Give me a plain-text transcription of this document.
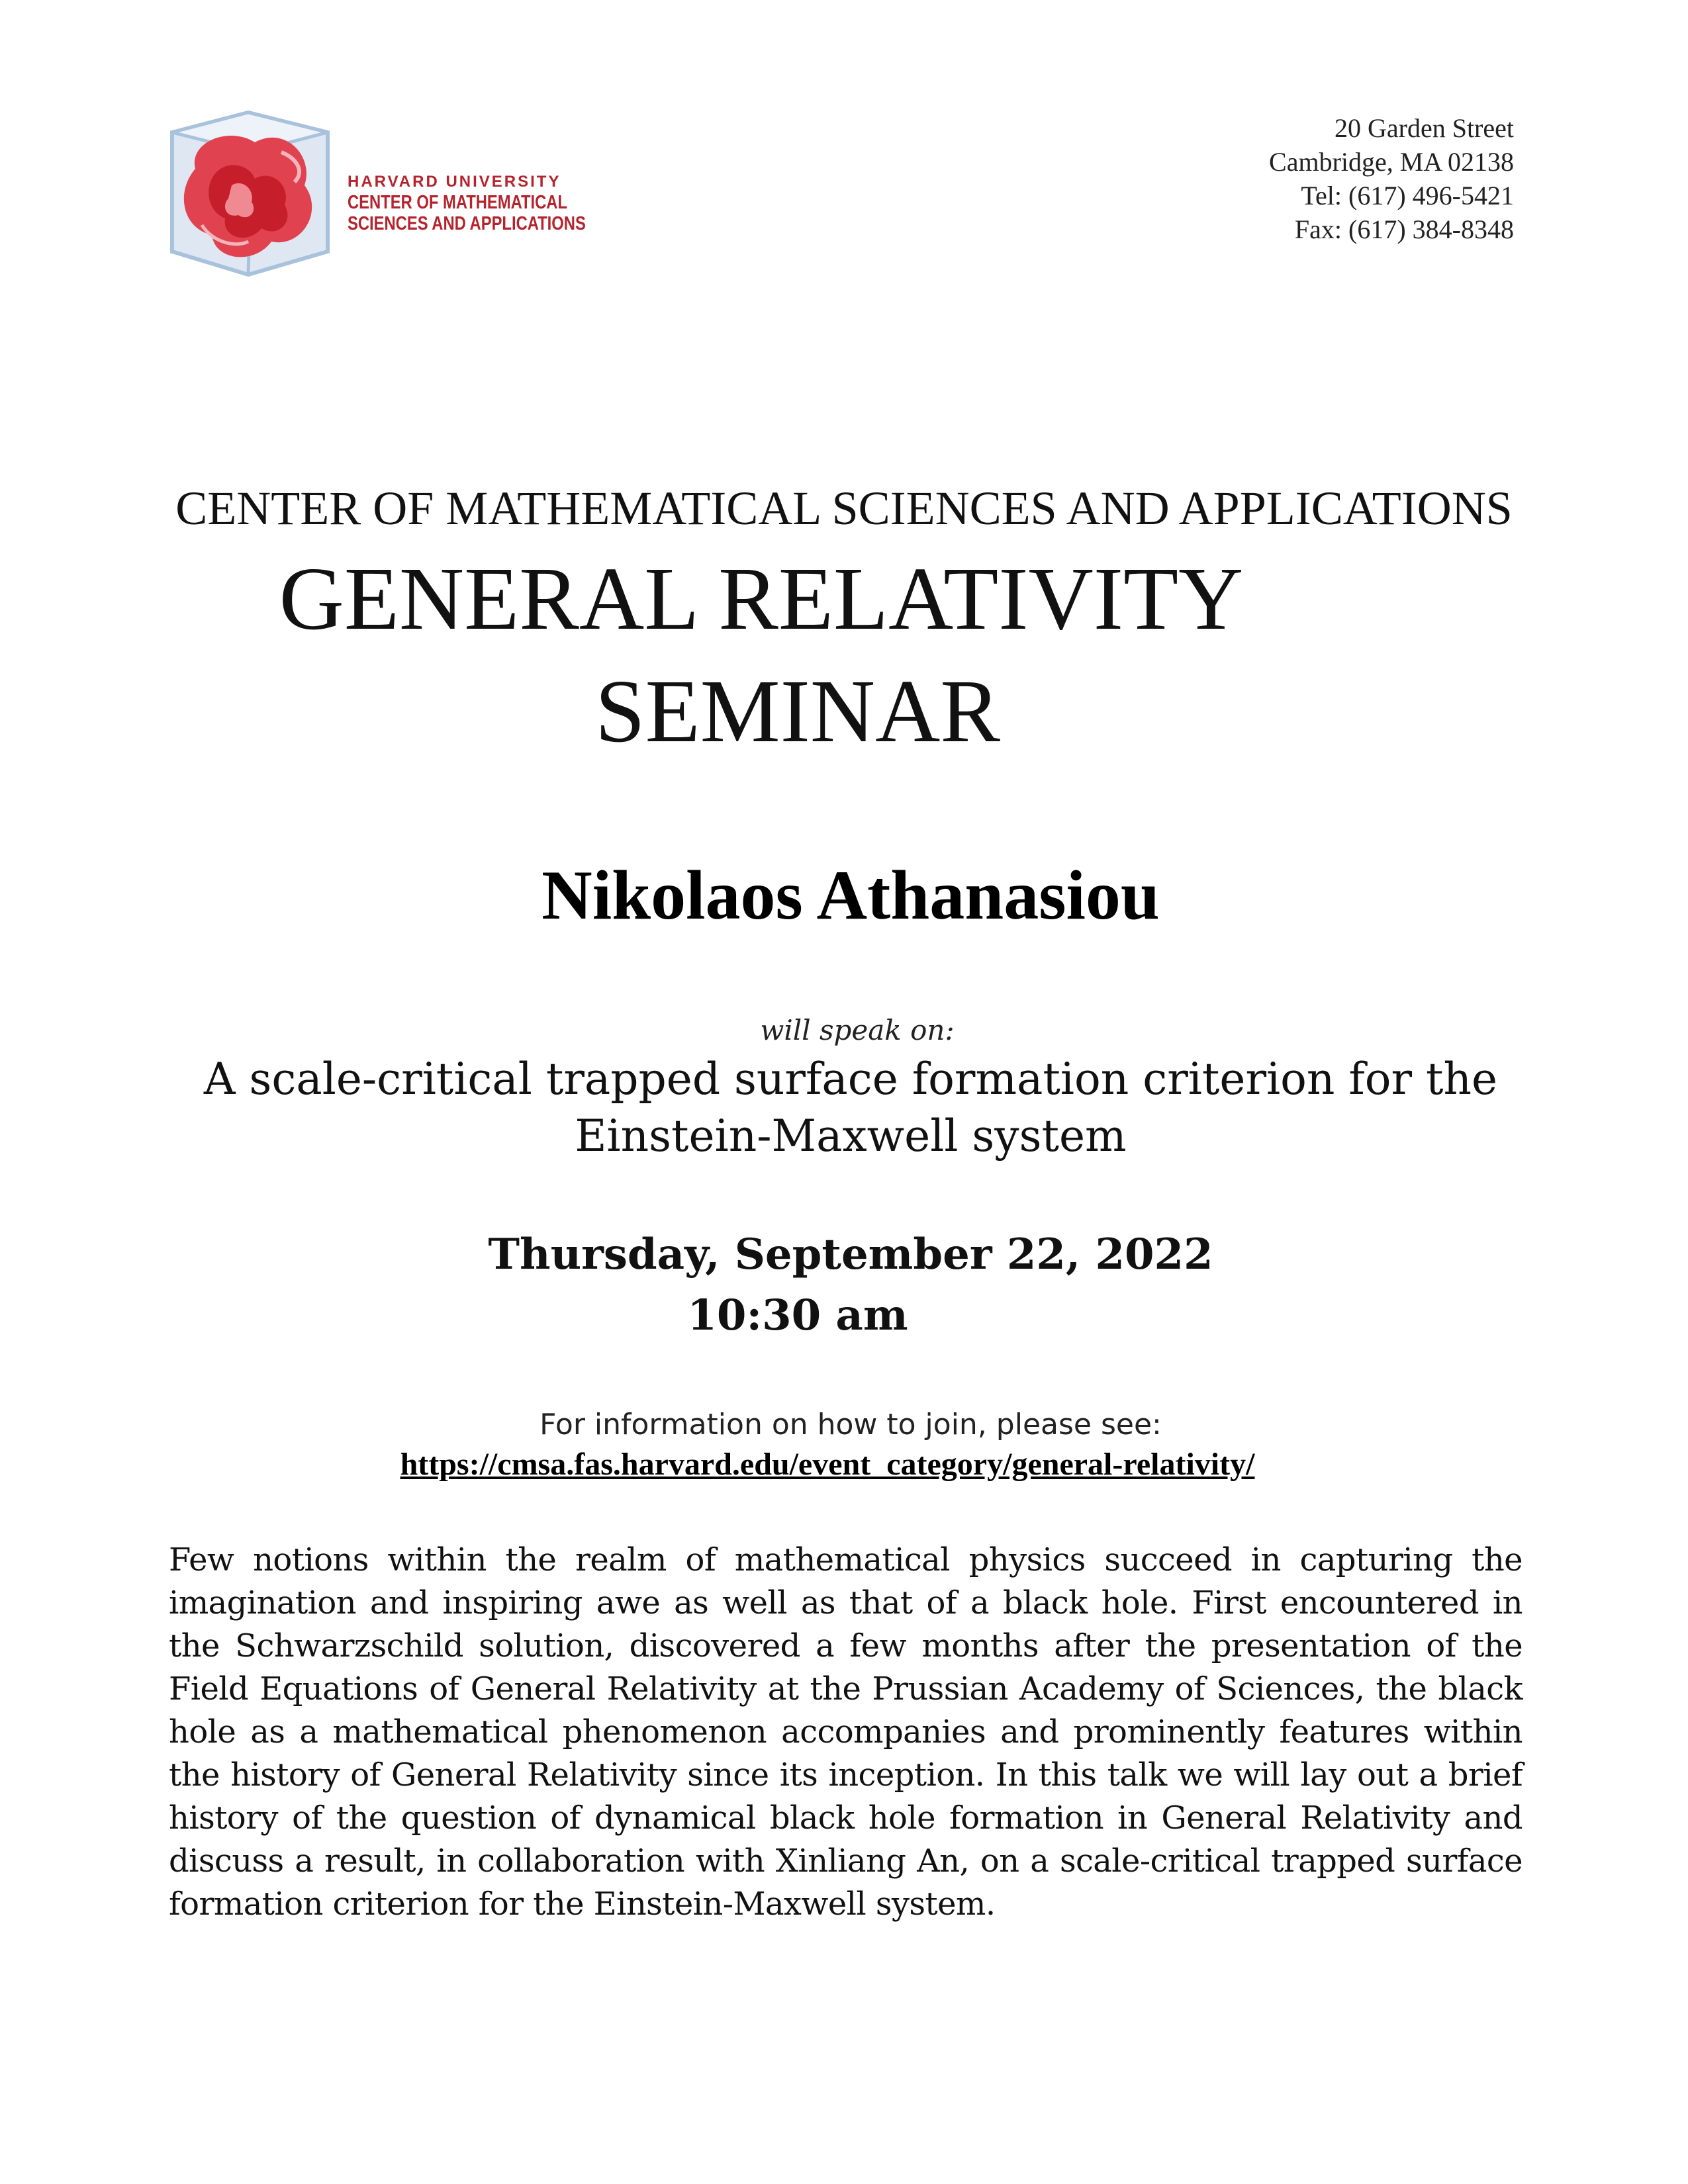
HARVARD UNIVERSITY
CENTER OF MATHEMATICAL
SCIENCES AND APPLICATIONS
20 Garden Street
Cambridge, MA 02138
Tel: (617) 496-5421
Fax: (617) 384-8348
CENTER OF MATHEMATICAL SCIENCES AND APPLICATIONS
GENERAL RELATIVITY
SEMINAR
Nikolaos Athanasiou
will speak on:
A scale-critical trapped surface formation criterion for the
Einstein-Maxwell system
Thursday, September 22, 2022
10:30 am
For information on how to join, please see:
https://cmsa.fas.harvard.edu/event_category/general-relativity/
Few notions within the realm of mathematical physics succeed in capturing the imagination and inspiring awe as well as that of a black hole. First encountered in the Schwarzschild solution, discovered a few months after the presentation of the Field Equations of General Relativity at the Prussian Academy of Sciences, the black hole as a mathematical phenomenon accompanies and prominently features within the history of General Relativity since its inception. In this talk we will lay out a brief history of the question of dynamical black hole formation in General Relativity and discuss a result, in collaboration with Xinliang An, on a scale-critical trapped surface formation criterion for the Einstein-Maxwell system.
